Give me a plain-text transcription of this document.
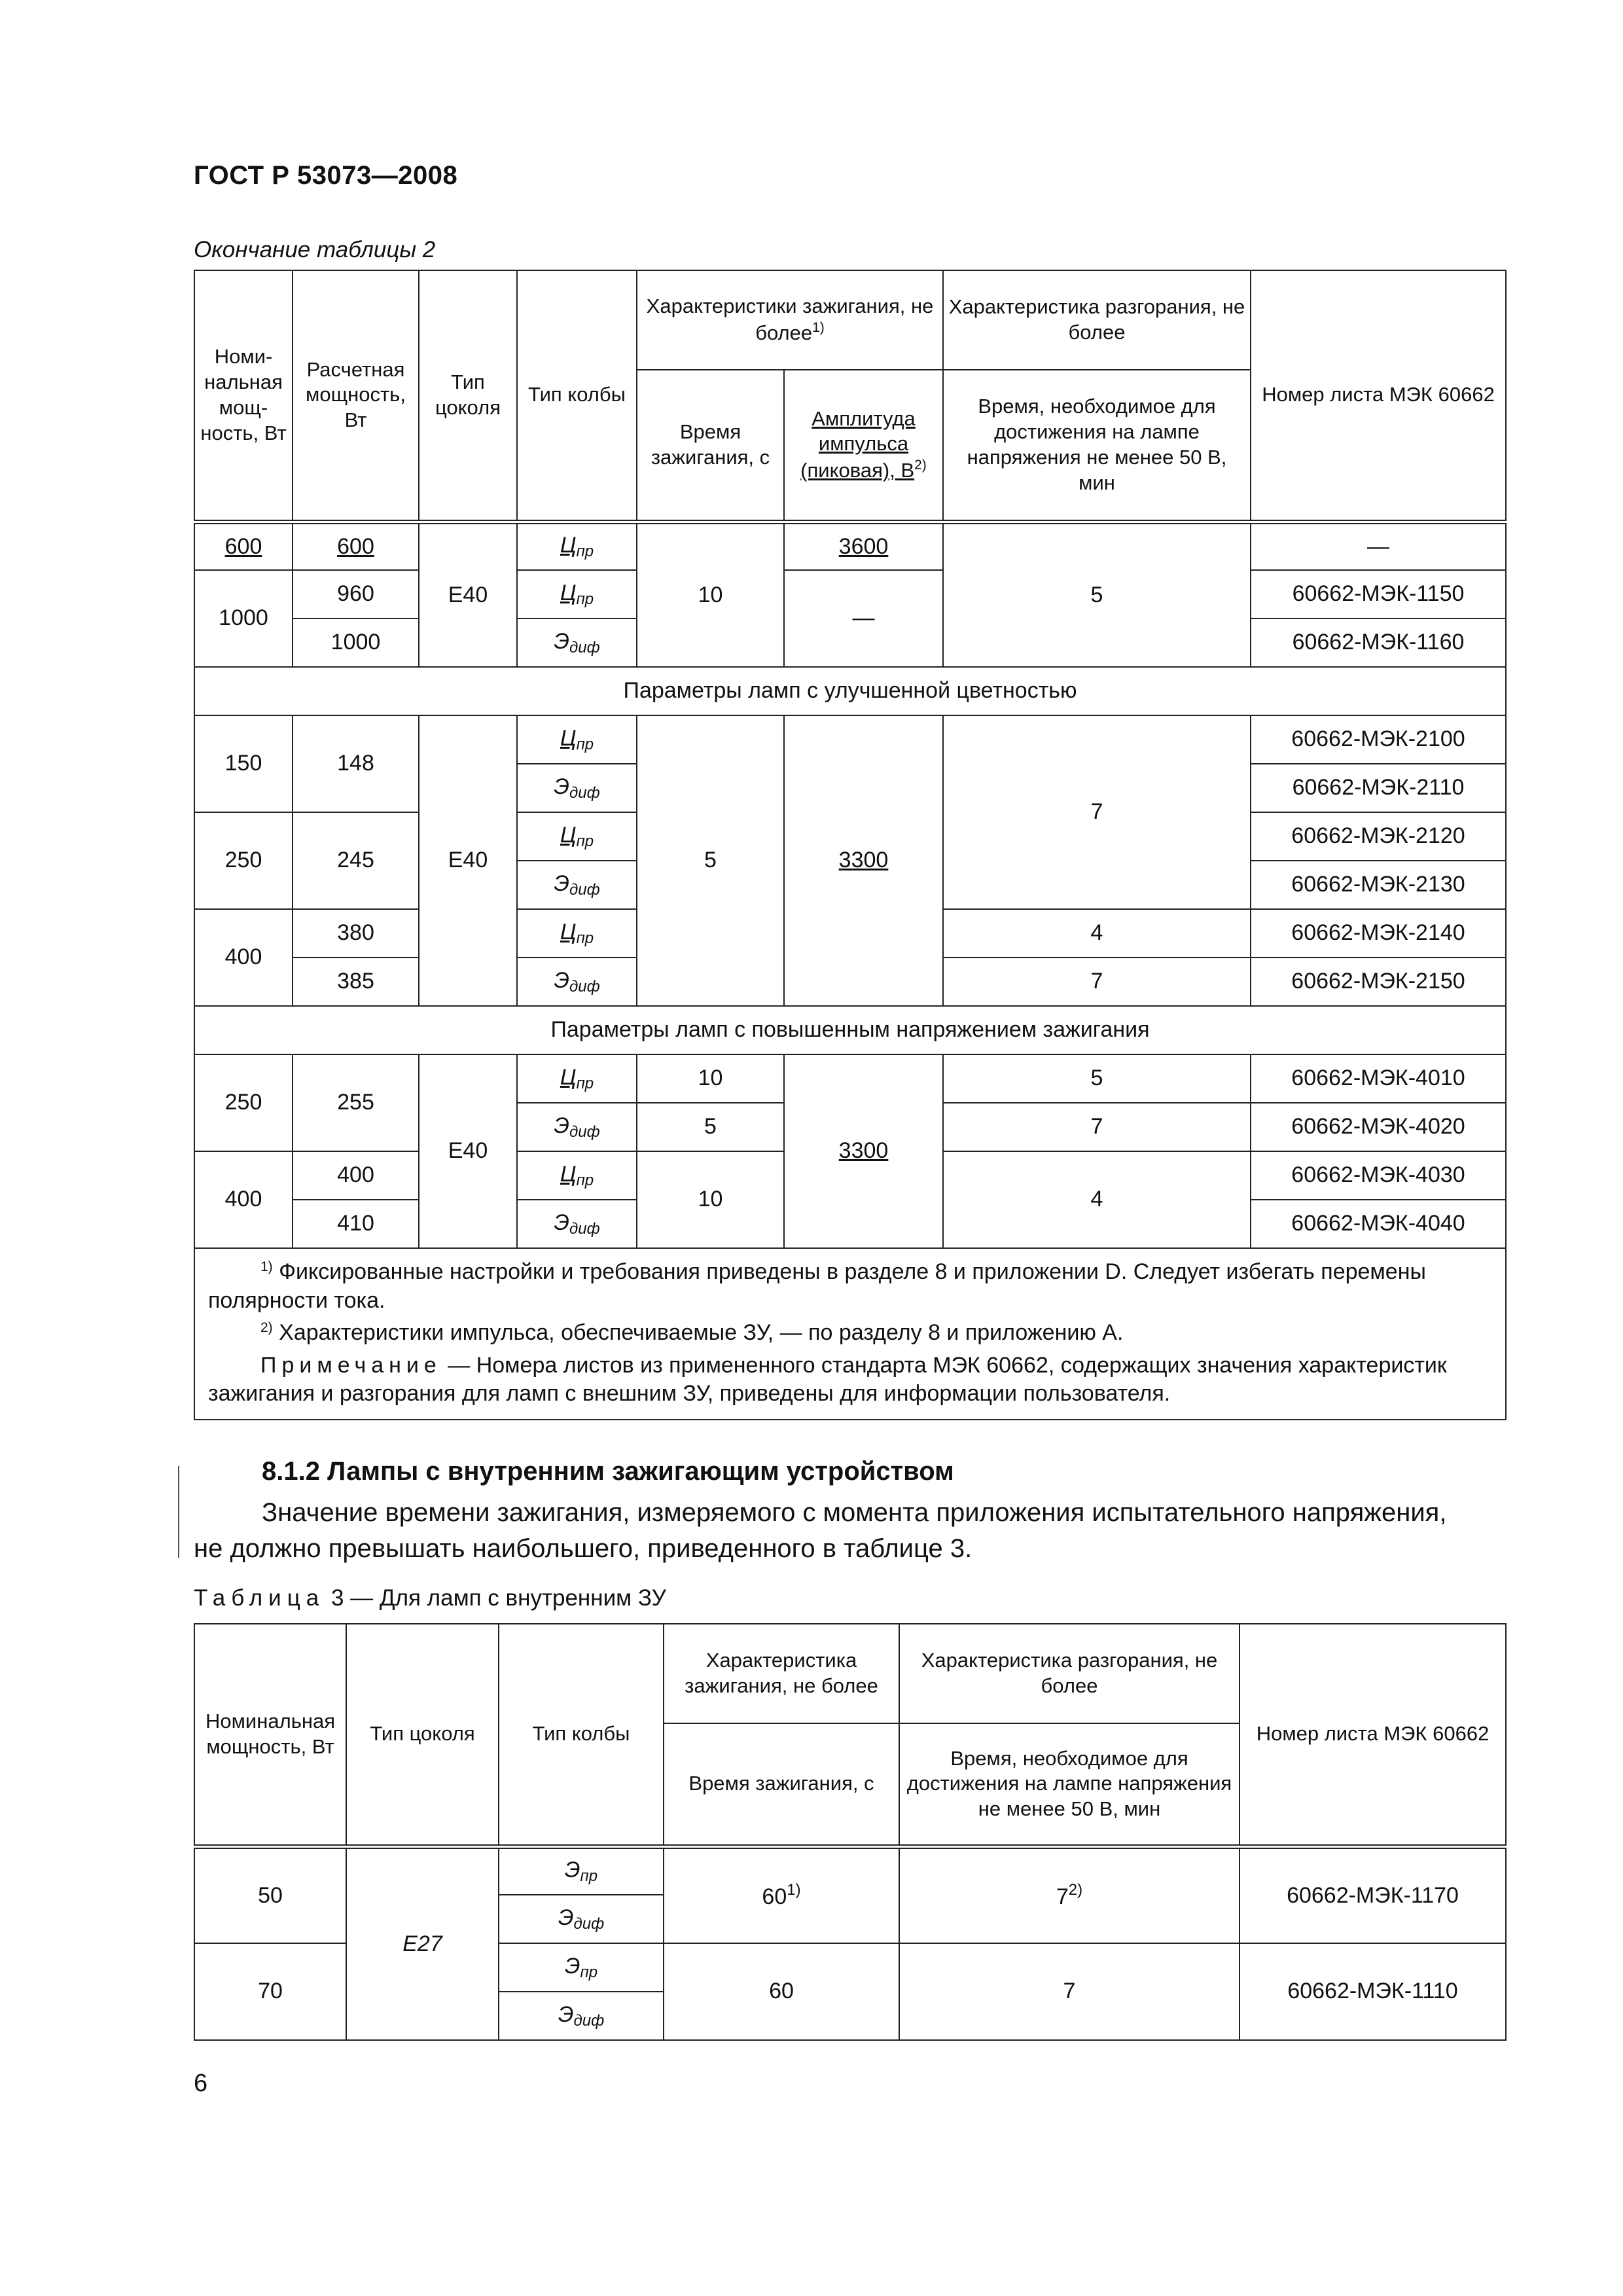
ГОСТ Р 53073—2008
Окончание таблицы 2
Номи- нальная мощ- ность, Вт	Расчетная мощность, Вт	Тип цоколя	Тип колбы	Характеристики зажигания, не более$^{1)}$		Характеристика разгорания, не более	Номер листа МЭК 60662
				Время зажигания, с	Амплитуда импульса (пиковая), $В^{2)}$	Время, необходимое для достижения на лампе напряжения не менее 50 В, мин	
600	600	E40	Цпр	10	3600	5	—
1000	960		Цпр		—		60662-МЭК-1150
	1000		Эдиф				60662-МЭК-1160
Параметры ламп с улучшенной цветностью							
150	148	E40	Цпр	5	3300	7	60662-МЭК-2100
			Эдиф				60662-МЭК-2110
250	245		Цпр				60662-МЭК-2120
			Эдиф				60662-МЭК-2130
400	380		Цпр			4	60662-МЭК-2140
	385		Эдиф			7	60662-МЭК-2150
Параметры ламп с повышенным напряжением зажигания							
250	255	E40	Цпр	10	3300	5	60662-МЭК-4010
			Эдиф	5		7	60662-МЭК-4020
400	400		Цпр	10		4	60662-МЭК-4030
	410		Эдиф				60662-МЭК-4040

$^{1)}$ Фиксированные настройки и требования приведены в разделе 8 и приложении D. Следует избегать перемены полярности тока.

$^{2)}$ Характеристики импульса, обеспечиваемые ЗУ, — по разделу 8 и приложению А.

Примечание — Номера листов из примененного стандарта МЭК 60662, содержащих значения характеристик зажигания и разгорания для ламп с внешним ЗУ, приведены для информации пользователя.							

8.1.2 Лампы с внутренним зажигающим устройством
Значение времени зажигания, измеряемого с момента приложения испытательного напряжения,
не должно превышать наибольшего, приведенного в таблице 3.
Таблица 3 — Для ламп с внутренним ЗУ
Номинальная мощность, Вт	Тип цоколя	Тип колбы	Характеристика зажигания, не более	Характеристика разгорания, не более	Номер листа МЭК 60662
			Время зажигания, с	Время, необходимое для достижения на лампе напряжения не менее 50 В, мин	
50	E27	Эпр	60$^{1)}$	7$^{2)}$	60662-МЭК-1170
		Эдиф			
70		Эпр	60	7	60662-МЭК-1110
		Эдиф			
6
